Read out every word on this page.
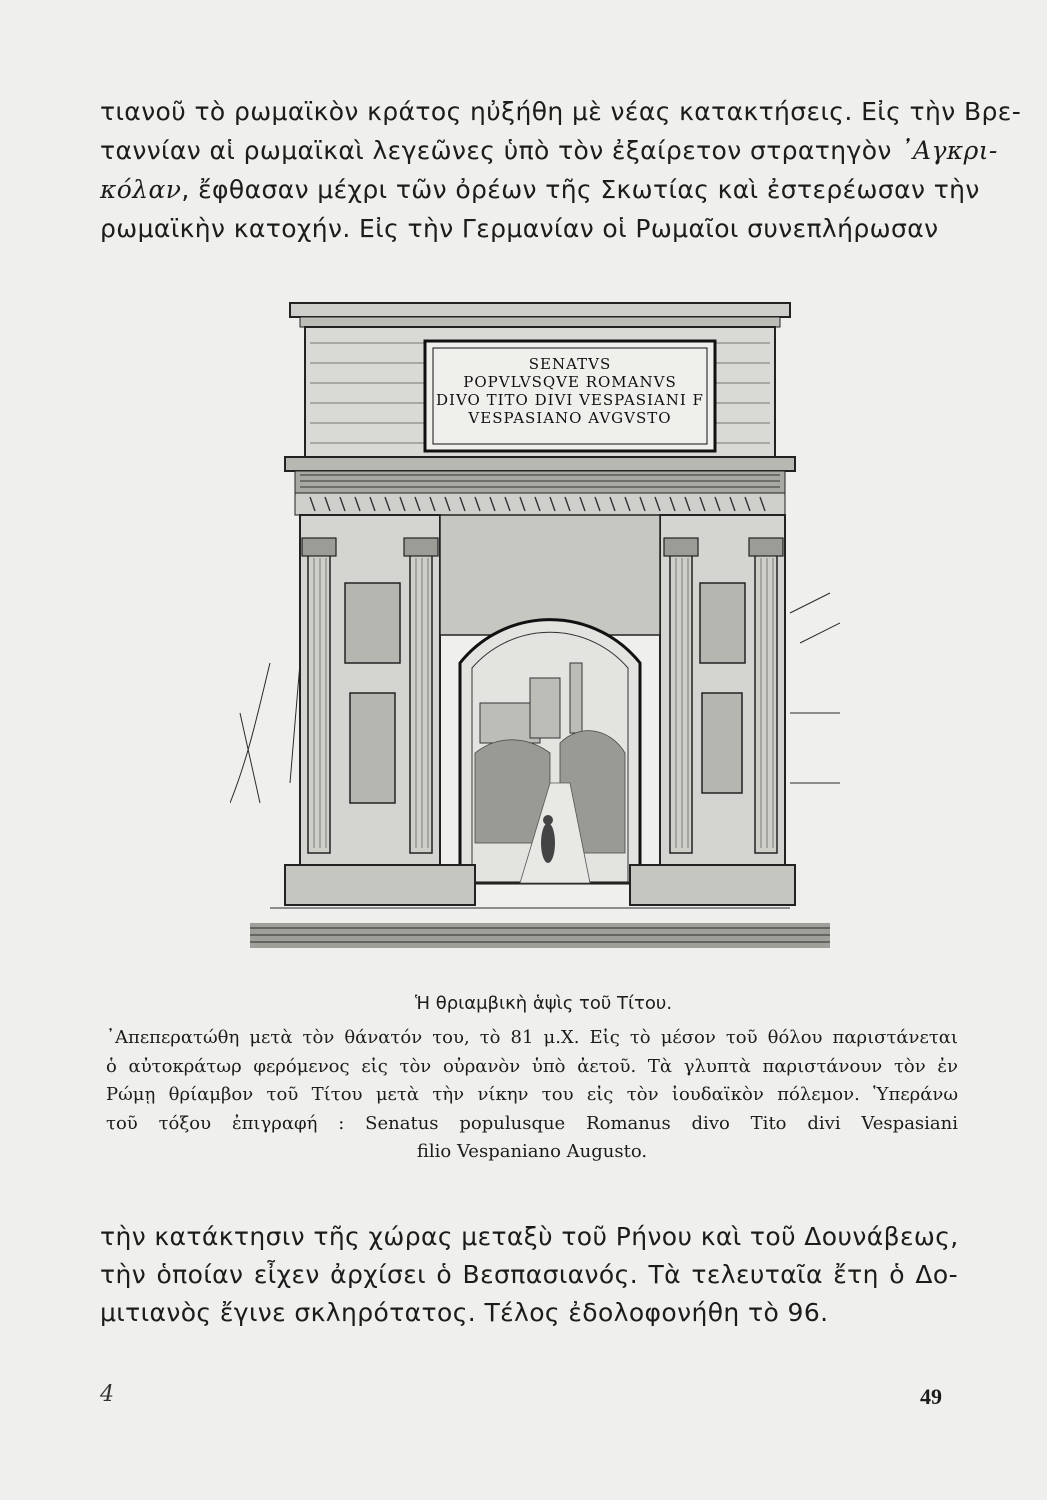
τιανοῦ τὸ ρωμαϊκὸν κράτος ηὐξήθη μὲ νέας κατακτήσεις. Εἰς τὴν Βρε-
ταννίαν αἱ ρωμαϊκαὶ λεγεῶνες ὑπὸ τὸν ἐξαίρετον στρατηγὸν ᾿Αγκρι-
κόλαν, ἔφθασαν μέχρι τῶν ὀρέων τῆς Σκωτίας καὶ ἐστερέωσαν τὴν
ρωμαϊκὴν κατοχήν. Εἰς τὴν Γερμανίαν οἱ Ρωμαῖοι συνεπλήρωσαν
SENATVS
POPVLVSQVE ROMANVS
DIVO TITO DIVI VESPASIANI F
VESPASIANO AVGVSTO
Ἡ θριαμβικὴ ἁψὶς τοῦ Τίτου.
᾿Απεπερατώθη μετὰ τὸν θάνατόν του, τὸ 81 μ.Χ. Εἰς τὸ μέσον τοῦ θόλου παριστάνεται
ὁ αὐτοκράτωρ φερόμενος εἰς τὸν οὐρανὸν ὑπὸ ἀετοῦ. Τὰ γλυπτὰ παριστάνουν τὸν ἐν
Ρώμῃ θρίαμβον τοῦ Τίτου μετὰ τὴν νίκην του εἰς τὸν ἰουδαϊκὸν πόλεμον. Ὑπεράνω
τοῦ τόξου ἐπιγραφή : Senatus populusque Romanus divo Tito divi Vespasiani
filio Vespaniano Augusto.
τὴν κατάκτησιν τῆς χώρας μεταξὺ τοῦ Ρήνου καὶ τοῦ Δουνάβεως,
τὴν ὁποίαν εἶχεν ἀρχίσει ὁ Βεσπασιανός. Τὰ τελευταῖα ἔτη ὁ Δο-
μιτιανὸς ἔγινε σκληρότατος. Τέλος ἐδολοφονήθη τὸ 96.
4	49
